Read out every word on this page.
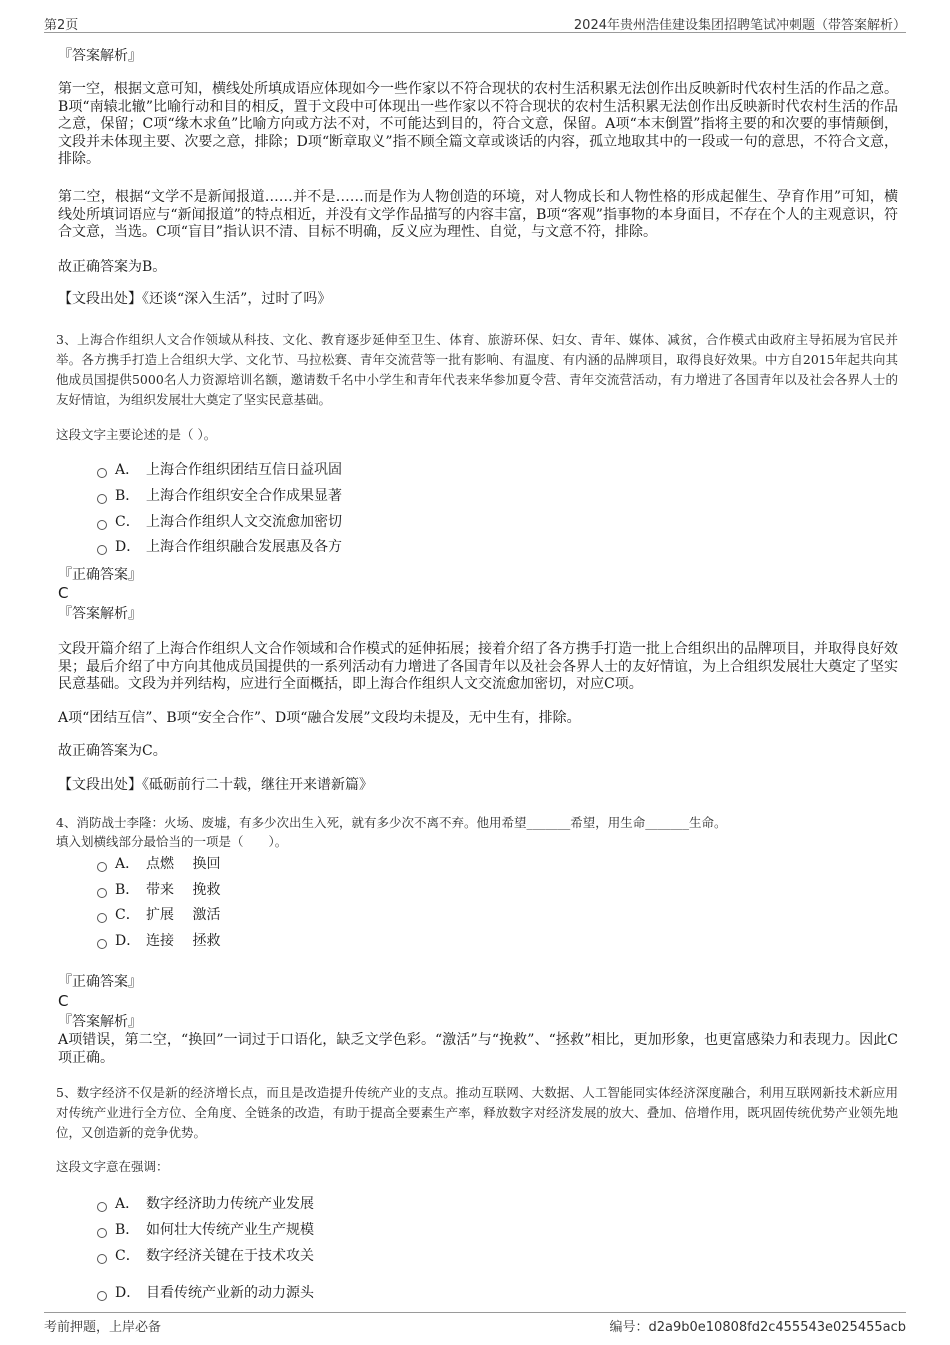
第2页	2024年贵州浩佳建设集团招聘笔试冲刺题（带答案解析）
『答案解析』
第一空，根据文意可知，横线处所填成语应体现如今一些作家以不符合现状的农村生活积累无法创作出反映新时代农村生活的作品之意。B项“南辕北辙”比喻行动和目的相反，置于文段中可体现出一些作家以不符合现状的农村生活积累无法创作出反映新时代农村生活的作品之意，保留；C项“缘木求鱼”比喻方向或方法不对，不可能达到目的，符合文意，保留。A项“本末倒置”指将主要的和次要的事情颠倒，文段并未体现主要、次要之意，排除；D项“断章取义”指不顾全篇文章或谈话的内容，孤立地取其中的一段或一句的意思，不符合文意，排除。
第二空，根据“文学不是新闻报道……并不是……而是作为人物创造的环境，对人物成长和人物性格的形成起催生、孕育作用”可知，横线处所填词语应与“新闻报道”的特点相近，并没有文学作品描写的内容丰富，B项“客观”指事物的本身面目，不存在个人的主观意识，符合文意，当选。C项“盲目”指认识不清、目标不明确，反义应为理性、自觉，与文意不符，排除。
故正确答案为B。
【文段出处】《还谈“深入生活”，过时了吗》
3、上海合作组织人文合作领域从科技、文化、教育逐步延伸至卫生、体育、旅游环保、妇女、青年、媒体、减贫，合作模式由政府主导拓展为官民并举。各方携手打造上合组织大学、文化节、马拉松赛、青年交流营等一批有影响、有温度、有内涵的品牌项目，取得良好效果。中方自2015年起共向其他成员国提供5000名人力资源培训名额，邀请数千名中小学生和青年代表来华参加夏令营、青年交流营活动，有力增进了各国青年以及社会各界人士的友好情谊，为组织发展壮大奠定了坚实民意基础。
这段文字主要论述的是（ ）。
A． 上海合作组织团结互信日益巩固
B． 上海合作组织安全合作成果显著
C． 上海合作组织人文交流愈加密切
D． 上海合作组织融合发展惠及各方
『正确答案』
C
『答案解析』
文段开篇介绍了上海合作组织人文合作领域和合作模式的延伸拓展；接着介绍了各方携手打造一批上合组织出的品牌项目，并取得良好效果；最后介绍了中方向其他成员国提供的一系列活动有力增进了各国青年以及社会各界人士的友好情谊，为上合组织发展壮大奠定了坚实民意基础。文段为并列结构，应进行全面概括，即上海合作组织人文交流愈加密切，对应C项。
A项“团结互信”、B项“安全合作”、D项“融合发展”文段均未提及，无中生有，排除。
故正确答案为C。
【文段出处】《砥砺前行二十载，继往开来谱新篇》
4、消防战士李隆：火场、废墟，有多少次出生入死，就有多少次不离不弃。他用希望_______希望，用生命_______生命。
填入划横线部分最恰当的一项是（　　）。
A． 点燃　 换回
B． 带来　 挽救
C． 扩展　 激活
D． 连接　 拯救
『正确答案』
C
『答案解析』
A项错误，第二空，“换回”一词过于口语化，缺乏文学色彩。“激活”与“挽救”、“拯救”相比，更加形象，也更富感染力和表现力。因此C项正确。
5、数字经济不仅是新的经济增长点，而且是改造提升传统产业的支点。推动互联网、大数据、人工智能同实体经济深度融合，利用互联网新技术新应用对传统产业进行全方位、全角度、全链条的改造，有助于提高全要素生产率，释放数字对经济发展的放大、叠加、倍增作用，既巩固传统优势产业领先地位，又创造新的竞争优势。
这段文字意在强调：
A． 数字经济助力传统产业发展
B． 如何壮大传统产业生产规模
C． 数字经济关键在于技术攻关
D． 目看传统产业新的动力源头
考前押题，上岸必备	编号：d2a9b0e10808fd2c455543e025455acb
